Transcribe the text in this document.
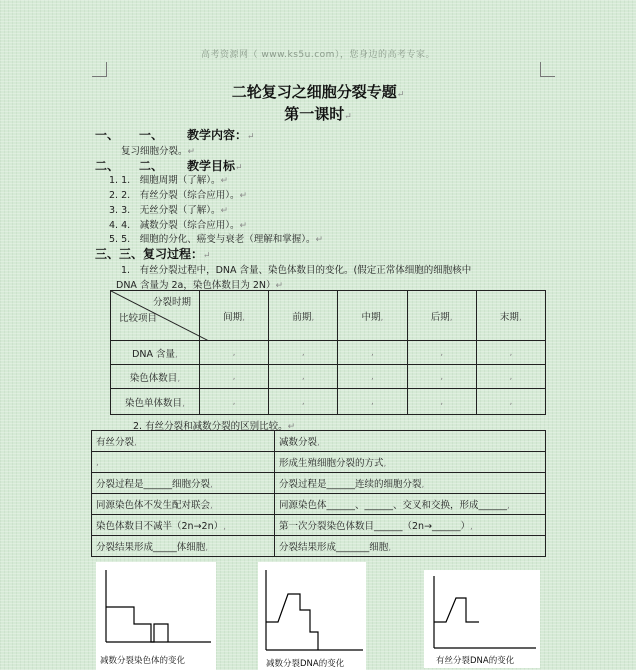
高考资源网（ www.ks5u.com），您身边的高考专家。
二轮复习之细胞分裂专题↵
第一课时↵
一、 一、 教学内容：↵
复习细胞分裂。↵
二、 二、 教学目标↵
1. 1.　 细胞周期（了解）。↵
2. 2.　 有丝分裂（综合应用）。↵
3. 3.　 无丝分裂（了解）。↵
4. 4.　 减数分裂（综合应用）。↵
5. 5.　 细胞的分化、癌变与衰老（理解和掌握）。↵
三、三、复习过程：↵
1.　有丝分裂过程中，DNA 含量、染色体数目的变化。(假定正常体细胞的细胞核中
DNA 含量为 2a，染色体数目为 2N）↵
分裂时期
比较项目	间期,	前期,	中期,	后期,	末期,
DNA 含量,	,	,	,	,	,
染色体数目,	,	,	,	,	,
染色单体数目,	,	,	,	,	,
2. 有丝分裂和减数分裂的区别比较。↵
有丝分裂,	减数分裂,
,	形成生殖细胞分裂的方式,
分裂过程是______细胞分裂,	分裂过程是______连续的细胞分裂,
同源染色体不发生配对联会,	同源染色体______、______、交叉和交换，形成______,
染色体数目不减半（2n→2n）,	第一次分裂染色体数目______（2n→______）,
分裂结果形成_____体细胞,	分裂结果形成_______细胞,
减数分裂染色体的变化	减数分裂DNA的变化	有丝分裂DNA的变化
